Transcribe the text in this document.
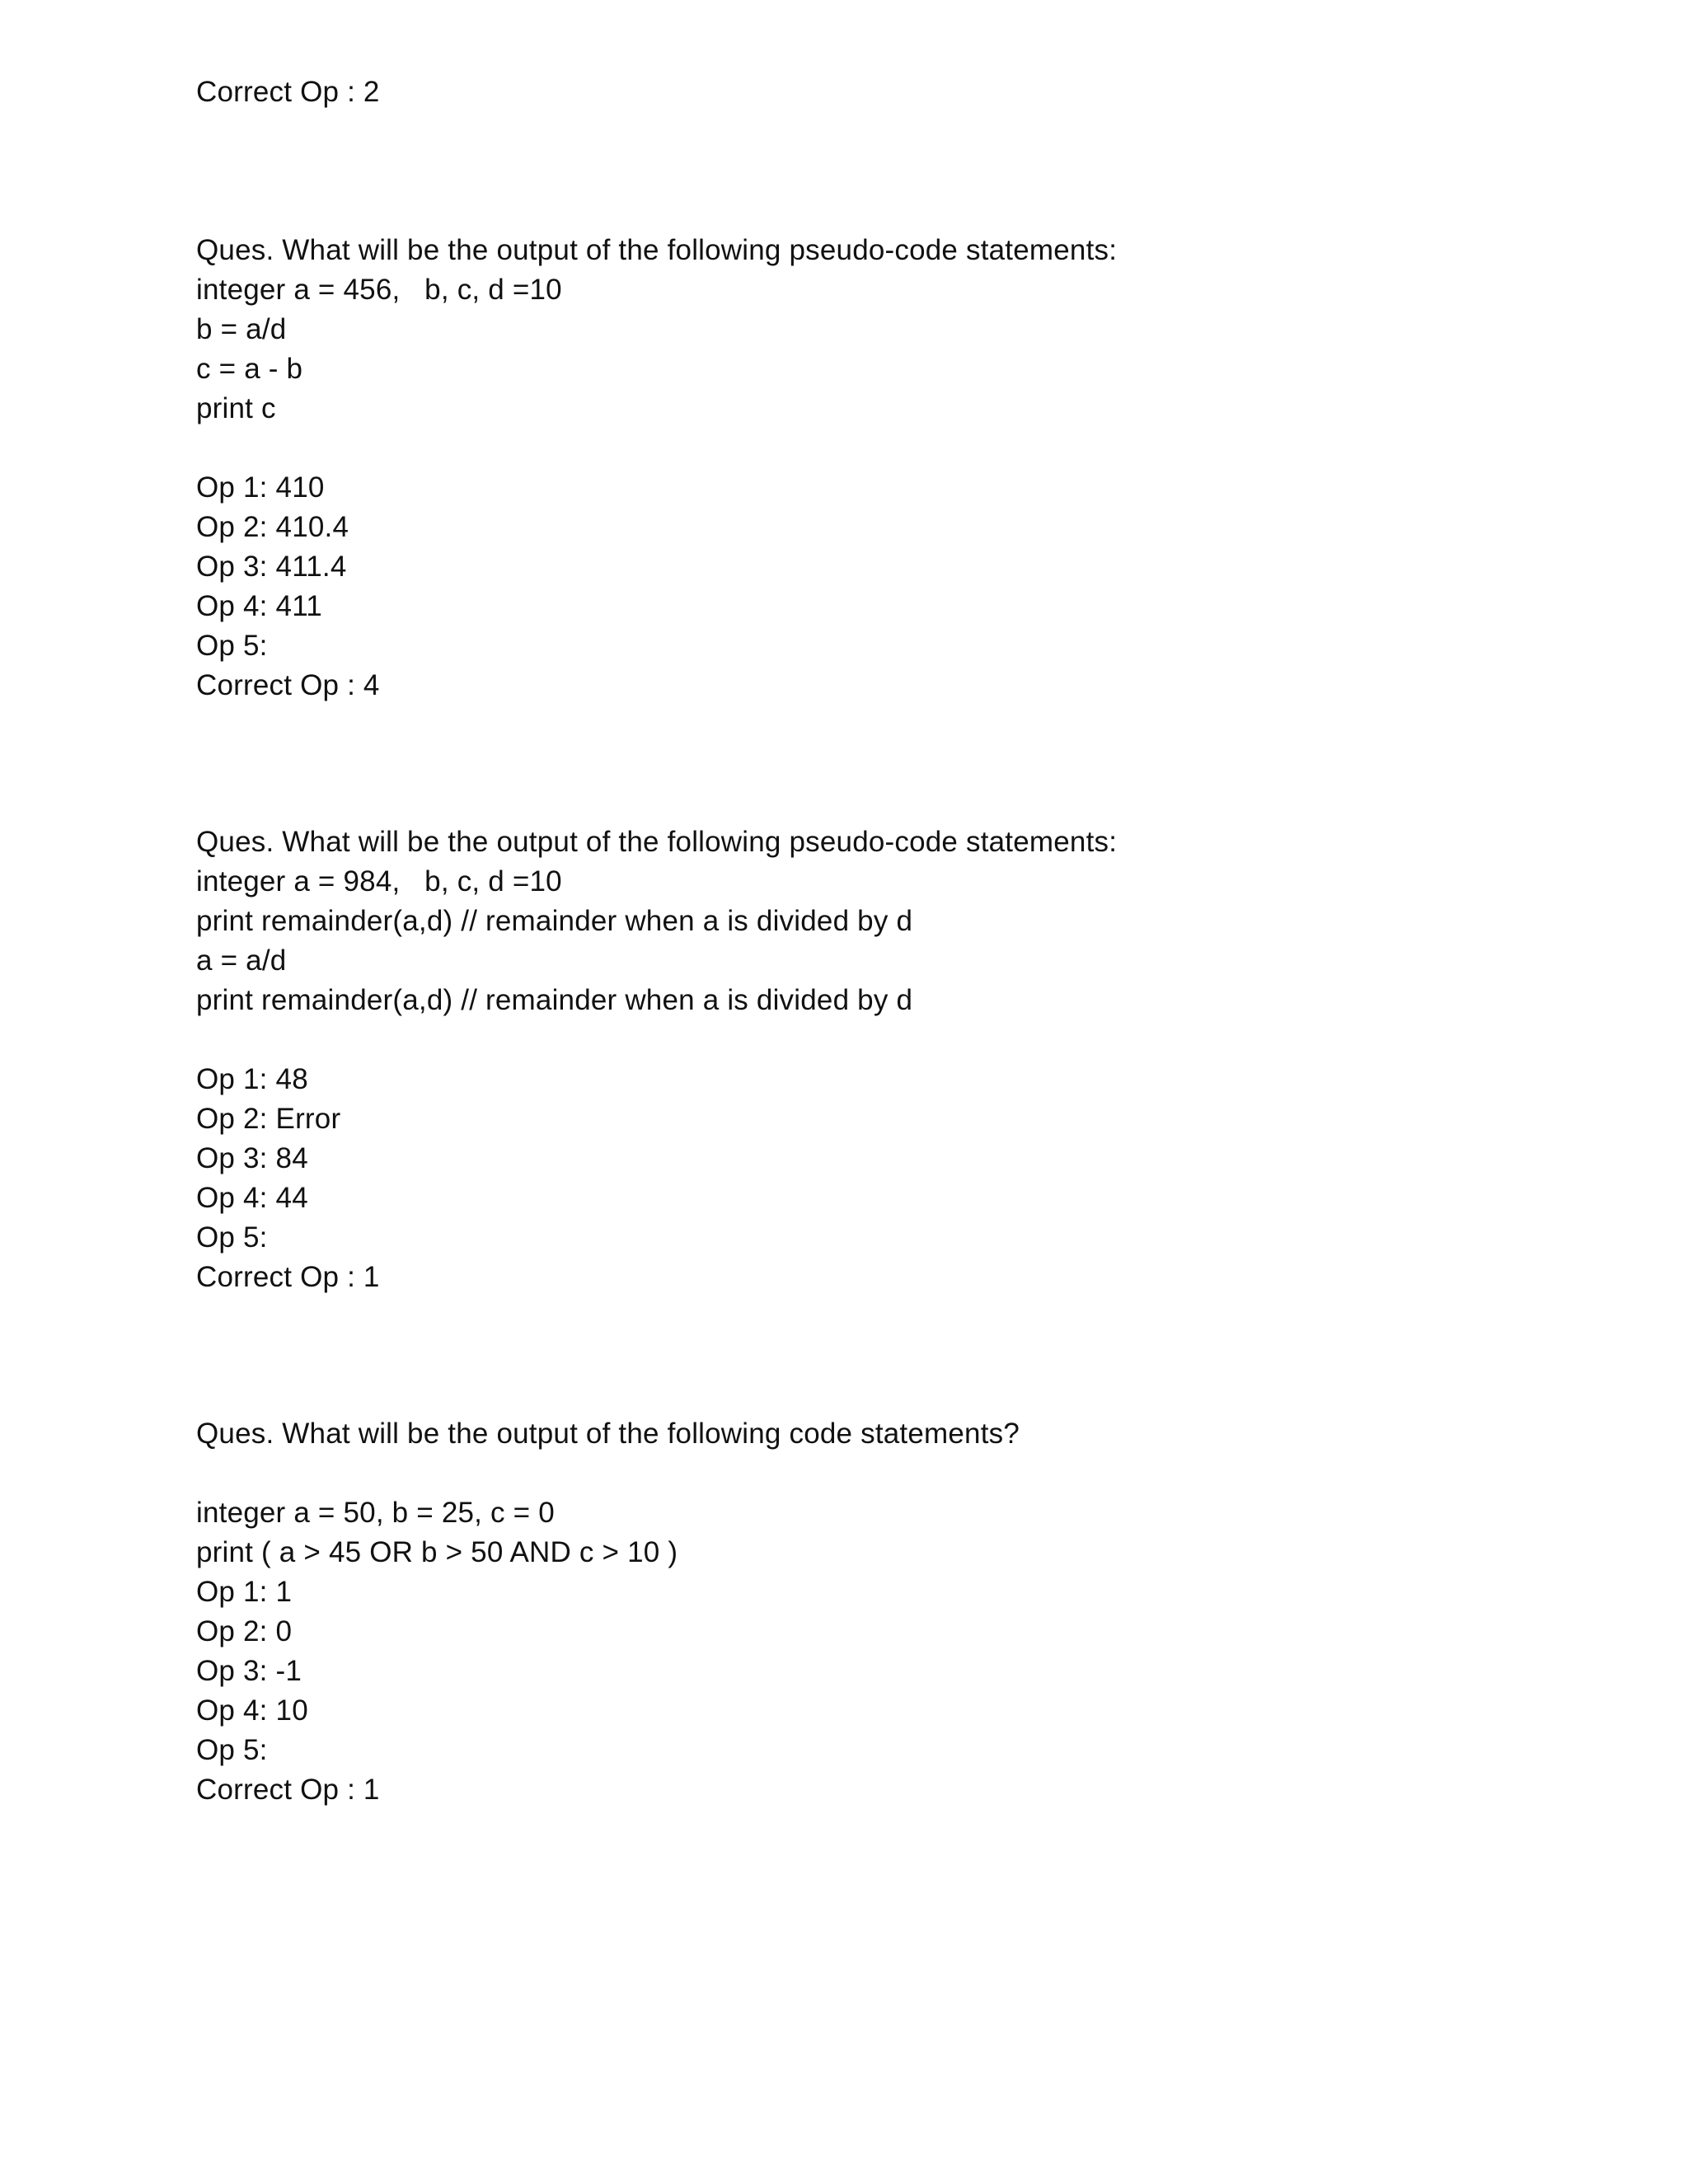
Correct Op : 2
Ques. What will be the output of the following pseudo-code statements:
integer a = 456,   b, c, d =10
b = a/d
c = a - b
print c
Op 1: 410
Op 2: 410.4
Op 3: 411.4
Op 4: 411
Op 5:
Correct Op : 4
Ques. What will be the output of the following pseudo-code statements:
integer a = 984,   b, c, d =10
print remainder(a,d) // remainder when a is divided by d
a = a/d
print remainder(a,d) // remainder when a is divided by d
Op 1: 48
Op 2: Error
Op 3: 84
Op 4: 44
Op 5:
Correct Op : 1
Ques. What will be the output of the following code statements?
integer a = 50, b = 25, c = 0
print ( a > 45 OR b > 50 AND c > 10 )
Op 1: 1
Op 2: 0
Op 3: -1
Op 4: 10
Op 5:
Correct Op : 1
